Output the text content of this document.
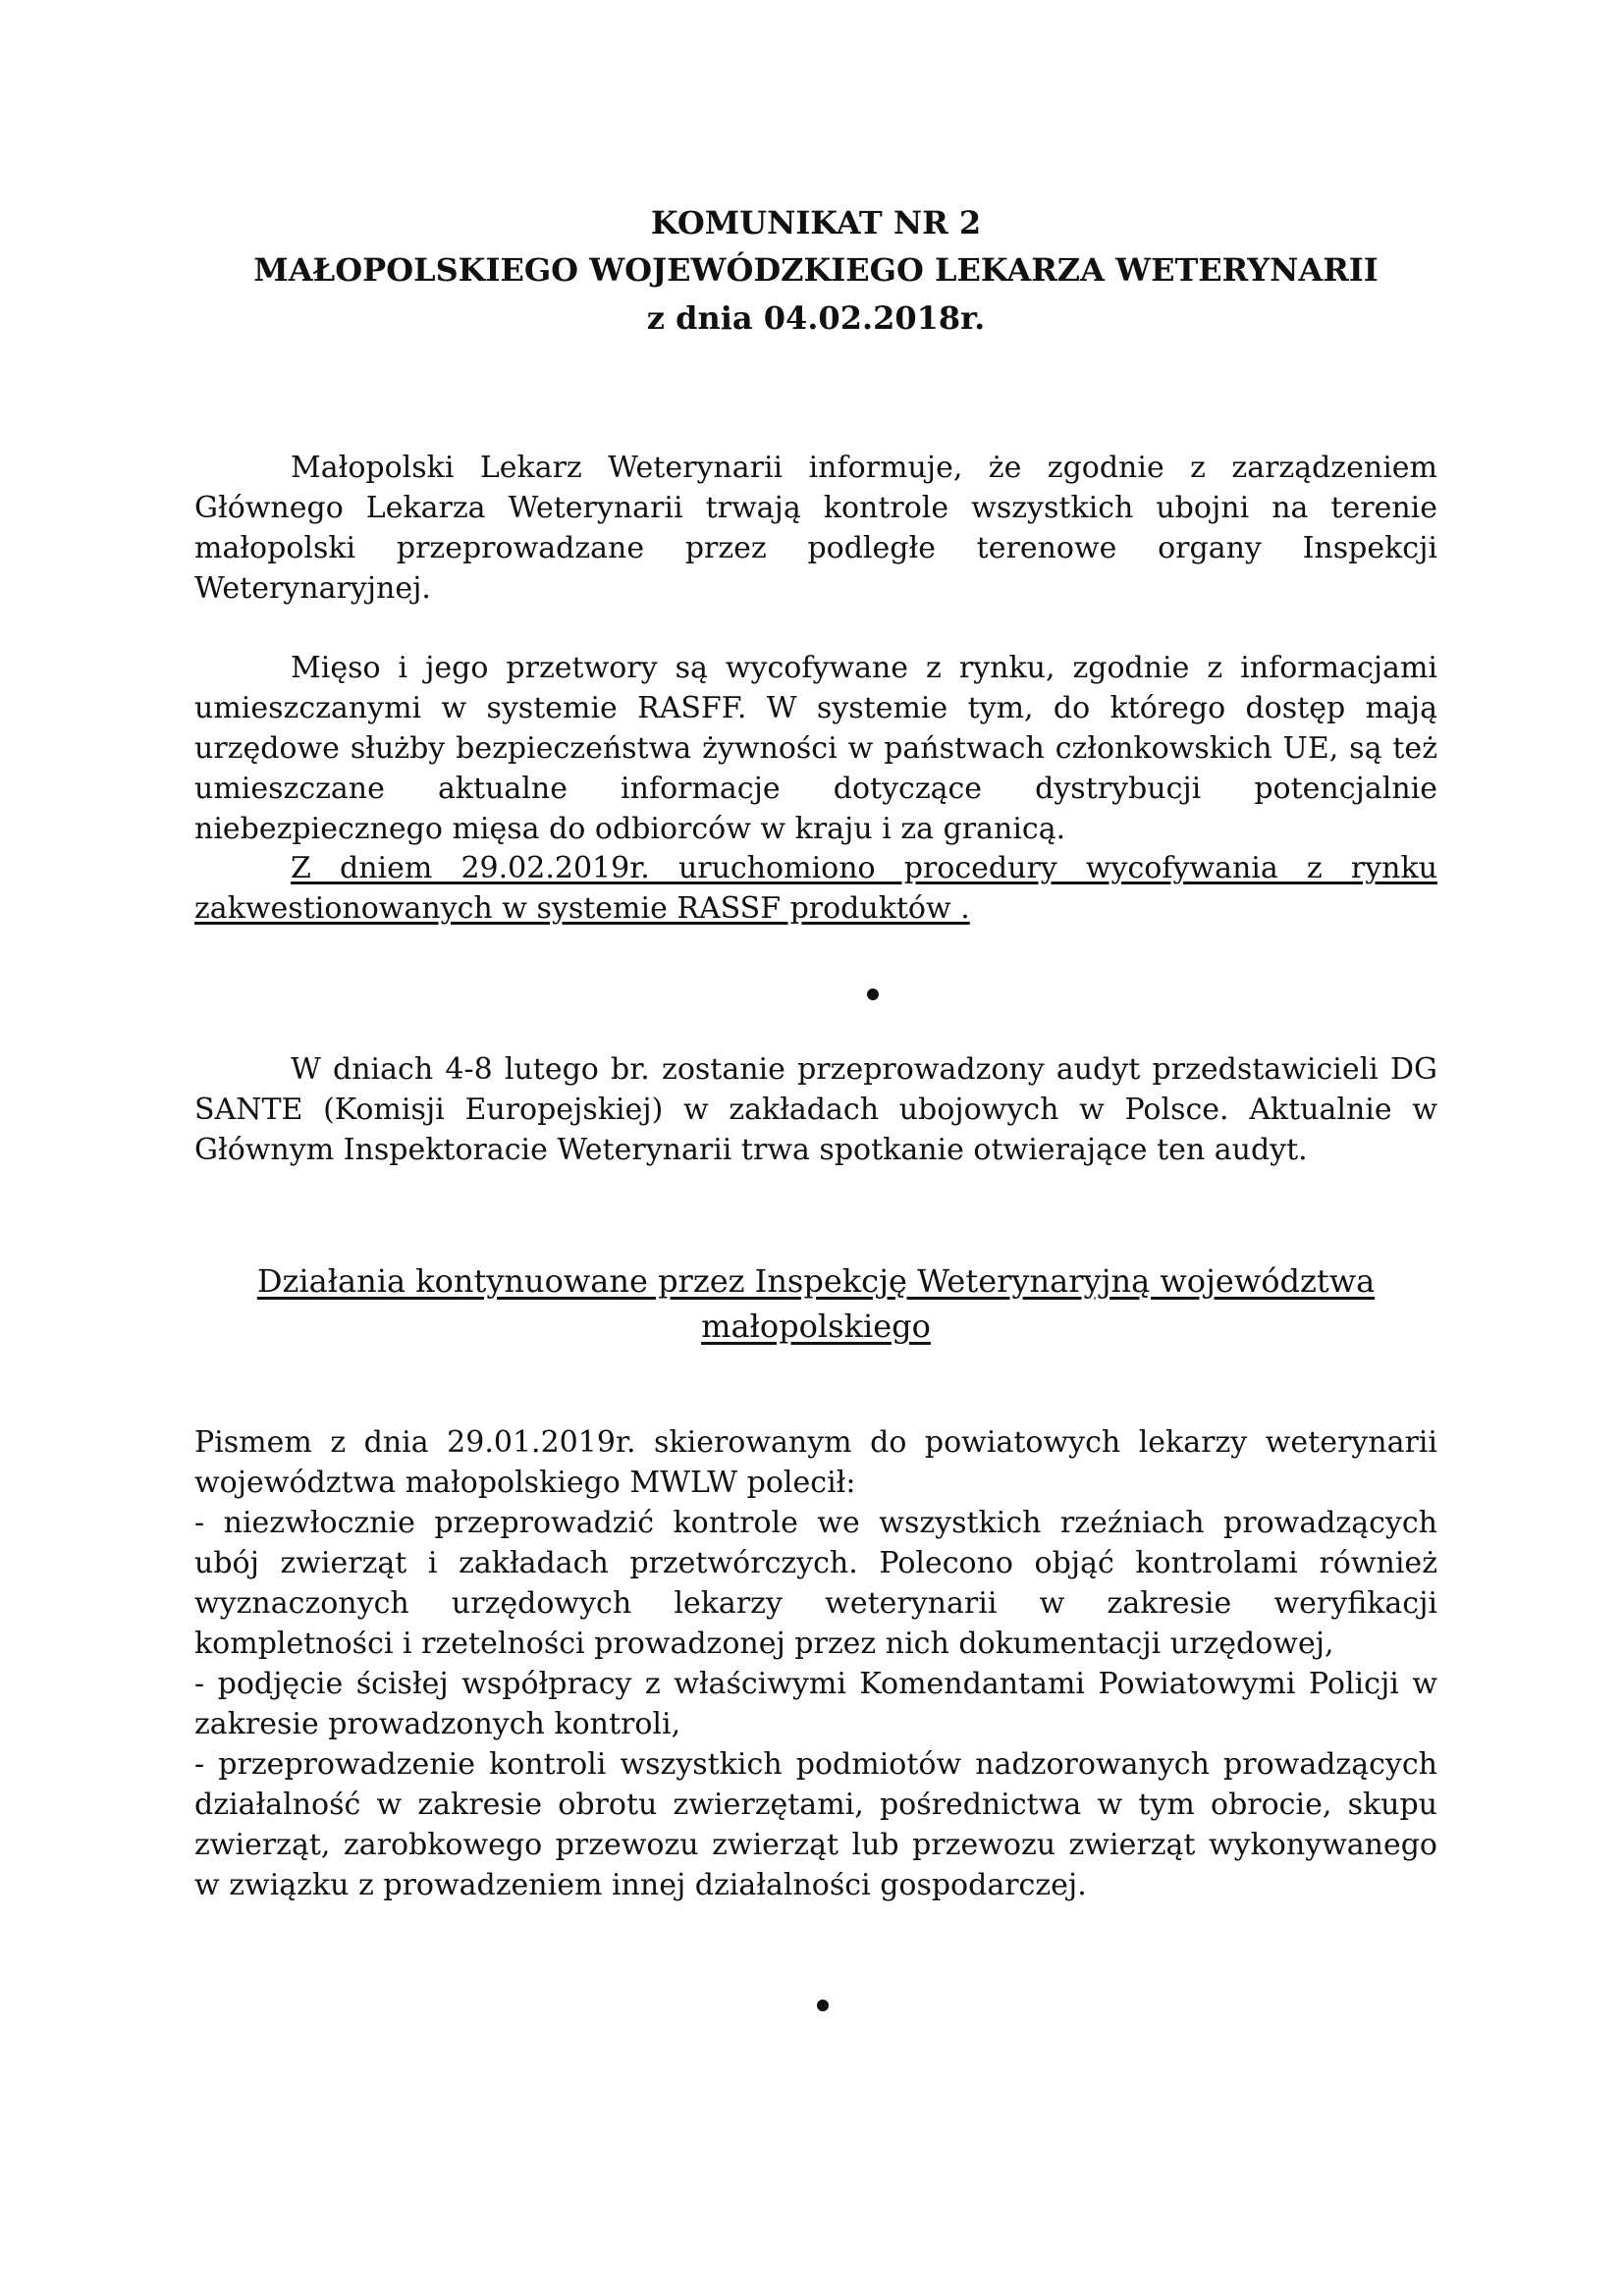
KOMUNIKAT NR 2
MAŁOPOLSKIEGO WOJEWÓDZKIEGO LEKARZA WETERYNARII
z dnia 04.02.2018r.
Małopolski Lekarz Weterynarii informuje, że zgodnie z zarządzeniem Głównego Lekarza Weterynarii trwają kontrole wszystkich ubojni na terenie małopolski przeprowadzane przez podległe terenowe organy Inspekcji Weterynaryjnej.
Mięso i jego przetwory są wycofywane z rynku, zgodnie z informacjami umieszczanymi w systemie RASFF. W systemie tym, do którego dostęp mają urzędowe służby bezpieczeństwa żywności w państwach członkowskich UE, są też umieszczane aktualne informacje dotyczące dystrybucji potencjalnie niebezpiecznego mięsa do odbiorców w kraju i za granicą.
Z dniem 29.02.2019r. uruchomiono procedury wycofywania z rynku zakwestionowanych w systemie RASSF produktów .
W dniach 4-8 lutego br. zostanie przeprowadzony audyt przedstawicieli DG SANTE (Komisji Europejskiej) w zakładach ubojowych w Polsce. Aktualnie w Głównym Inspektoracie Weterynarii trwa spotkanie otwierające ten audyt.
Działania kontynuowane przez Inspekcję Weterynaryjną województwa
małopolskiego
Pismem z dnia 29.01.2019r. skierowanym do powiatowych lekarzy weterynarii województwa małopolskiego MWLW polecił:
- niezwłocznie przeprowadzić kontrole we wszystkich rzeźniach prowadzących ubój zwierząt i zakładach przetwórczych. Polecono objąć kontrolami również wyznaczonych urzędowych lekarzy weterynarii w zakresie weryfikacji kompletności i rzetelności prowadzonej przez nich dokumentacji urzędowej,
- podjęcie ścisłej współpracy z właściwymi Komendantami Powiatowymi Policji w zakresie prowadzonych kontroli,
- przeprowadzenie kontroli wszystkich podmiotów nadzorowanych prowadzących działalność w zakresie obrotu zwierzętami, pośrednictwa w tym obrocie, skupu zwierząt, zarobkowego przewozu zwierząt lub przewozu zwierząt wykonywanego w związku z prowadzeniem innej działalności gospodarczej.
